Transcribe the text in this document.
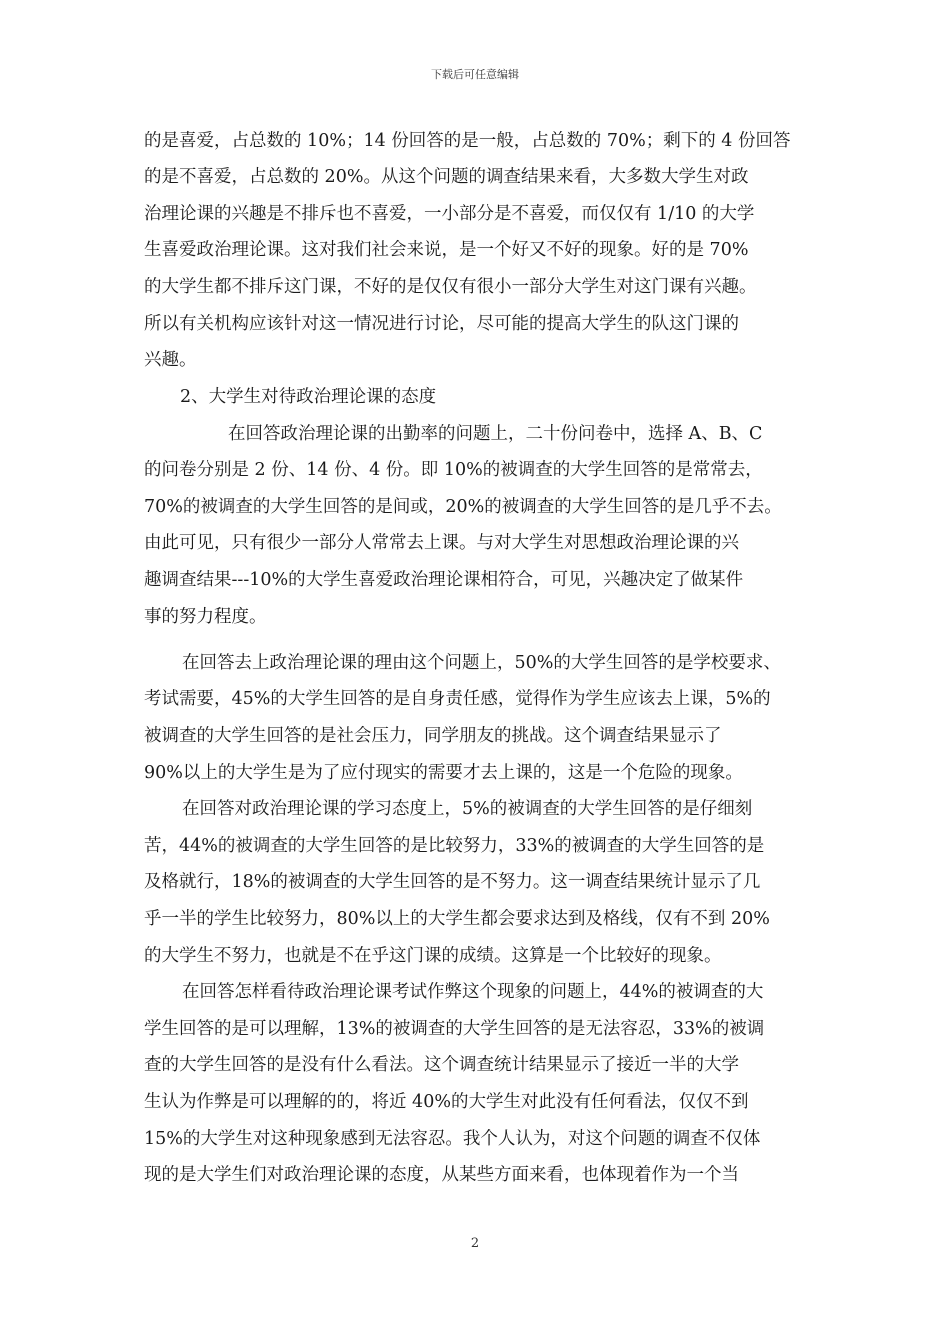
下载后可任意编辑
的是喜爱，占总数的 10%；14 份回答的是一般，占总数的 70%；剩下的 4 份回答
的是不喜爱，占总数的 20%。从这个问题的调查结果来看，大多数大学生对政
治理论课的兴趣是不排斥也不喜爱，一小部分是不喜爱，而仅仅有 1/10 的大学
生喜爱政治理论课。这对我们社会来说，是一个好又不好的现象。好的是 70%
的大学生都不排斥这门课，不好的是仅仅有很小一部分大学生对这门课有兴趣。
所以有关机构应该针对这一情况进行讨论，尽可能的提高大学生的队这门课的
兴趣。
2、大学生对待政治理论课的态度
在回答政治理论课的出勤率的问题上，二十份问卷中，选择 A、B、C
的问卷分别是 2 份、14 份、4 份。即 10%的被调查的大学生回答的是常常去，
70%的被调查的大学生回答的是间或，20%的被调查的大学生回答的是几乎不去。
由此可见，只有很少一部分人常常去上课。与对大学生对思想政治理论课的兴
趣调查结果---10%的大学生喜爱政治理论课相符合，可见，兴趣决定了做某件
事的努力程度。
在回答去上政治理论课的理由这个问题上，50%的大学生回答的是学校要求、
考试需要，45%的大学生回答的是自身责任感，觉得作为学生应该去上课，5%的
被调查的大学生回答的是社会压力，同学朋友的挑战。这个调查结果显示了
90%以上的大学生是为了应付现实的需要才去上课的，这是一个危险的现象。
在回答对政治理论课的学习态度上，5%的被调查的大学生回答的是仔细刻
苦，44%的被调查的大学生回答的是比较努力，33%的被调查的大学生回答的是
及格就行，18%的被调查的大学生回答的是不努力。这一调查结果统计显示了几
乎一半的学生比较努力，80%以上的大学生都会要求达到及格线，仅有不到 20%
的大学生不努力，也就是不在乎这门课的成绩。这算是一个比较好的现象。
在回答怎样看待政治理论课考试作弊这个现象的问题上，44%的被调查的大
学生回答的是可以理解，13%的被调查的大学生回答的是无法容忍，33%的被调
查的大学生回答的是没有什么看法。这个调查统计结果显示了接近一半的大学
生认为作弊是可以理解的的，将近 40%的大学生对此没有任何看法，仅仅不到
15%的大学生对这种现象感到无法容忍。我个人认为，对这个问题的调查不仅体
现的是大学生们对政治理论课的态度，从某些方面来看，也体现着作为一个当
2
